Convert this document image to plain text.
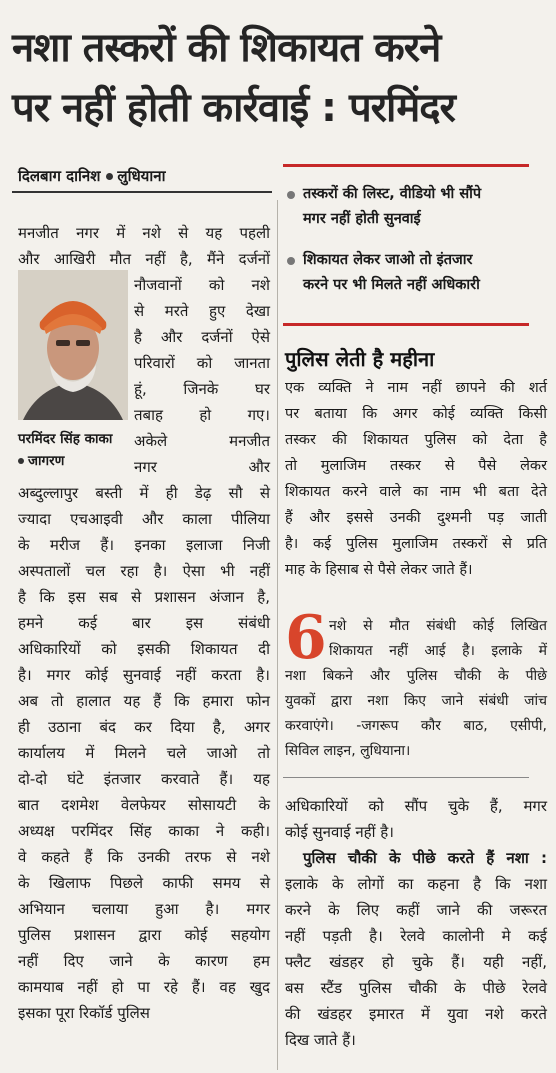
नशा तस्करों की शिकायत करने
पर नहीं होती कार्रवाई : परमिंदर
दिलबाग दानिश लुधियाना
तस्करों की लिस्ट, वीडियो भी सौंपे
मगर नहीं होती सुनवाई
शिकायत लेकर जाओ तो इंतजार
करने पर भी मिलते नहीं अधिकारी
मनजीत नगर में नशे से यह पहली
और आखिरी मौत नहीं है, मैंने दर्जनों
नौजवानों को नशे
से मरते हुए देखा
है और दर्जनों ऐसे
परिवारों को जानता
हूं, जिनके घर
तबाह हो गए।
अकेले मनजीत
नगर और
परमिंदर सिंह काका
जागरण
अब्दुल्लापुर बस्ती में ही डेढ़ सौ से
ज्यादा एचआइवी और काला पीलिया
के मरीज हैं। इनका इलाजा निजी
अस्पतालों चल रहा है। ऐसा भी नहीं
है कि इस सब से प्रशासन अंजान है,
हमने कई बार इस संबंधी
अधिकारियों को इसकी शिकायत दी
है। मगर कोई सुनवाई नहीं करता है।
अब तो हालात यह हैं कि हमारा फोन
ही उठाना बंद कर दिया है, अगर
कार्यालय में मिलने चले जाओ तो
दो-दो घंटे इंतजार करवाते हैं। यह
बात दशमेश वेलफेयर सोसायटी के
अध्यक्ष परमिंदर सिंह काका ने कही।
वे कहते हैं कि उनकी तरफ से नशे
के खिलाफ पिछले काफी समय से
अभियान चलाया हुआ है। मगर
पुलिस प्रशासन द्वारा कोई सहयोग
नहीं दिए जाने के कारण हम
कामयाब नहीं हो पा रहे हैं। वह खुद
इसका पूरा रिकॉर्ड पुलिस
पुलिस लेती है महीना
एक व्यक्ति ने नाम नहीं छापने की शर्त
पर बताया कि अगर कोई व्यक्ति किसी
तस्कर की शिकायत पुलिस को देता है
तो मुलाजिम तस्कर से पैसे लेकर
शिकायत करने वाले का नाम भी बता देते
हैं और इससे उनकी दुश्मनी पड़ जाती
है। कई पुलिस मुलाजिम तस्करों से प्रति
माह के हिसाब से पैसे लेकर जाते हैं।
6 नशे से मौत संबंधी कोई लिखित
शिकायत नहीं आई है। इलाके में
नशा बिकने और पुलिस चौकी के पीछे
युवकों द्वारा नशा किए जाने संबंधी जांच
करवाएंगे। -जगरूप कौर बाठ, एसीपी,
सिविल लाइन, लुधियाना।
अधिकारियों को सौंप चुके हैं, मगर
कोई सुनवाई नहीं है।
पुलिस चौकी के पीछे करते हैं नशा :
इलाके के लोगों का कहना है कि नशा
करने के लिए कहीं जाने की जरूरत
नहीं पड़ती है। रेलवे कालोनी मे कई
फ्लैट खंडहर हो चुके हैं। यही नहीं,
बस स्टैंड पुलिस चौकी के पीछे रेलवे
की खंडहर इमारत में युवा नशे करते
दिख जाते हैं।
